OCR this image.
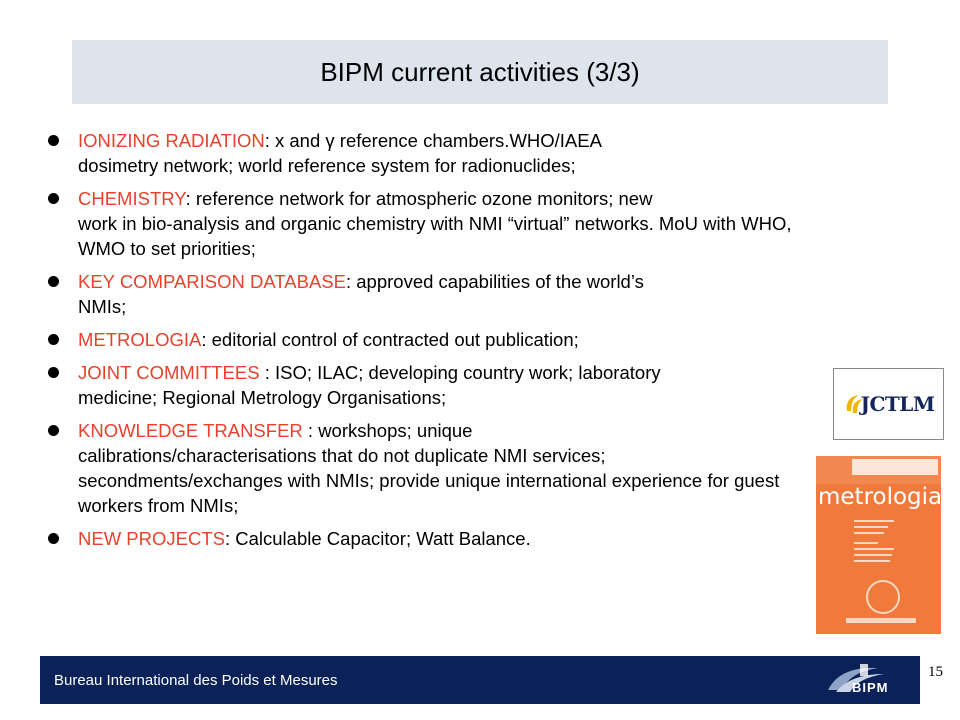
BIPM current activities (3/3)
IONIZING RADIATION: x and γ reference chambers.WHO/IAEA
dosimetry network; world reference system for radionuclides;
CHEMISTRY: reference network for atmospheric ozone monitors; new
work in bio-analysis and organic chemistry with NMI “virtual” networks. MoU with WHO, WMO to set priorities;
KEY COMPARISON DATABASE: approved capabilities of the world’s
NMIs;
METROLOGIA: editorial control of contracted out publication;
JOINT COMMITTEES : ISO; ILAC; developing country work; laboratory
medicine; Regional Metrology Organisations;
KNOWLEDGE TRANSFER : workshops; unique
calibrations/characterisations that do not duplicate NMI services; secondments/exchanges with NMIs; provide unique international experience for guest workers from NMIs;
NEW PROJECTS: Calculable Capacitor; Watt Balance.
JCTLM
metrologia
Bureau International des Poids et Mesures	BIPM
15
